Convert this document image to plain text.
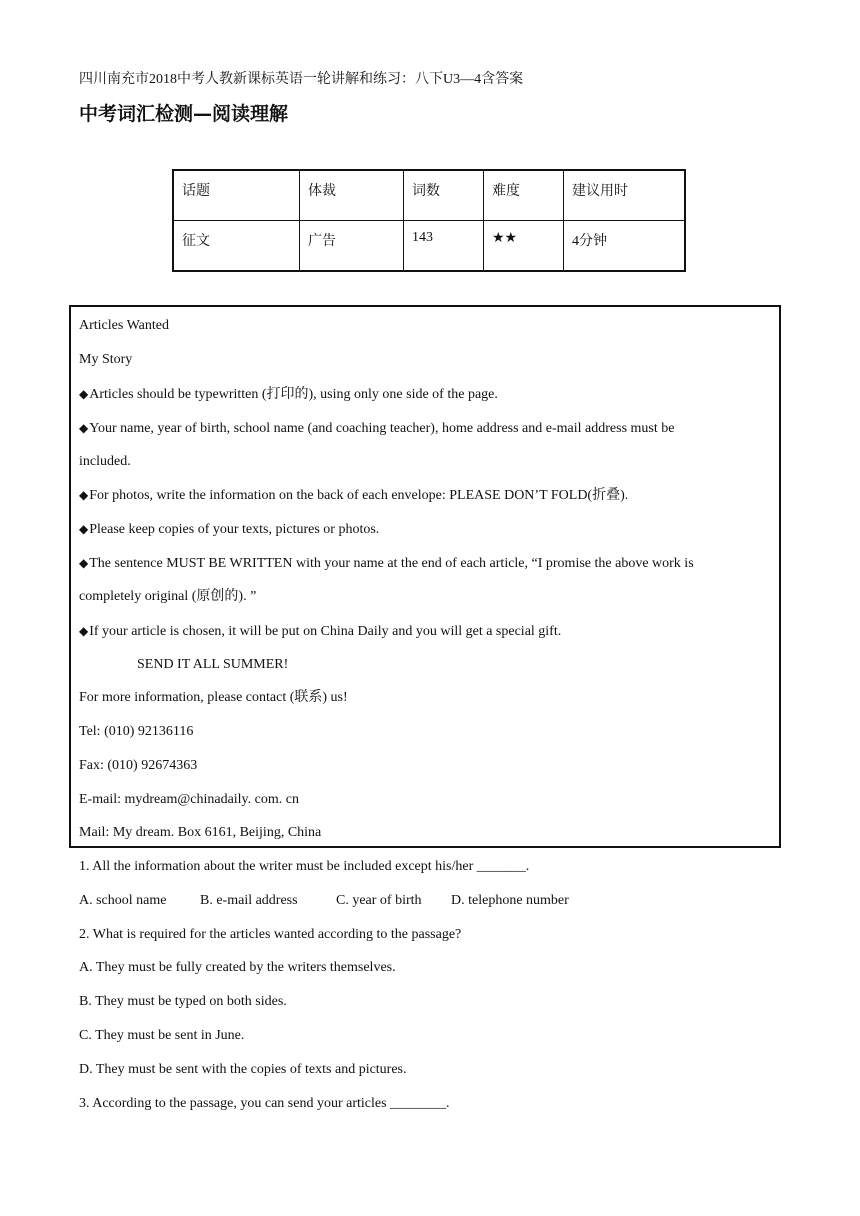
四川南充市2018中考人教新课标英语一轮讲解和练习：八下U3—4含答案
中考词汇检测—阅读理解
话题	体裁	词数	难度	建议用时
征文	广告	143	★★	4分钟
Articles Wanted
My Story
◆ Articles should be typewritten (打印的), using only one side of the page.
◆ Your name, year of birth, school name (and coaching teacher), home address and e-mail address must be
included.
◆ For photos, write the information on the back of each envelope: PLEASE DON’T FOLD(折叠).
◆ Please keep copies of your texts, pictures or photos.
◆ The sentence MUST BE WRITTEN with your name at the end of each article, “I promise the above work is
completely original (原创的). ”
◆ If your article is chosen, it will be put on China Daily and you will get a special gift.
SEND IT ALL SUMMER!
For more information, please contact (联系) us!
Tel: (010) 92136116
Fax: (010) 92674363
E-mail: mydream@chinadaily. com. cn
Mail: My dream. Box 6161, Beijing, China
1. All the information about the writer must be included except his/her _______.
A. school name B. e-mail address	C. year of birth D. telephone number
2. What is required for the articles wanted according to the passage?
A. They must be fully created by the writers themselves.
B. They must be typed on both sides.
C. They must be sent in June.
D. They must be sent with the copies of texts and pictures.
3. According to the passage, you can send your articles ________.
